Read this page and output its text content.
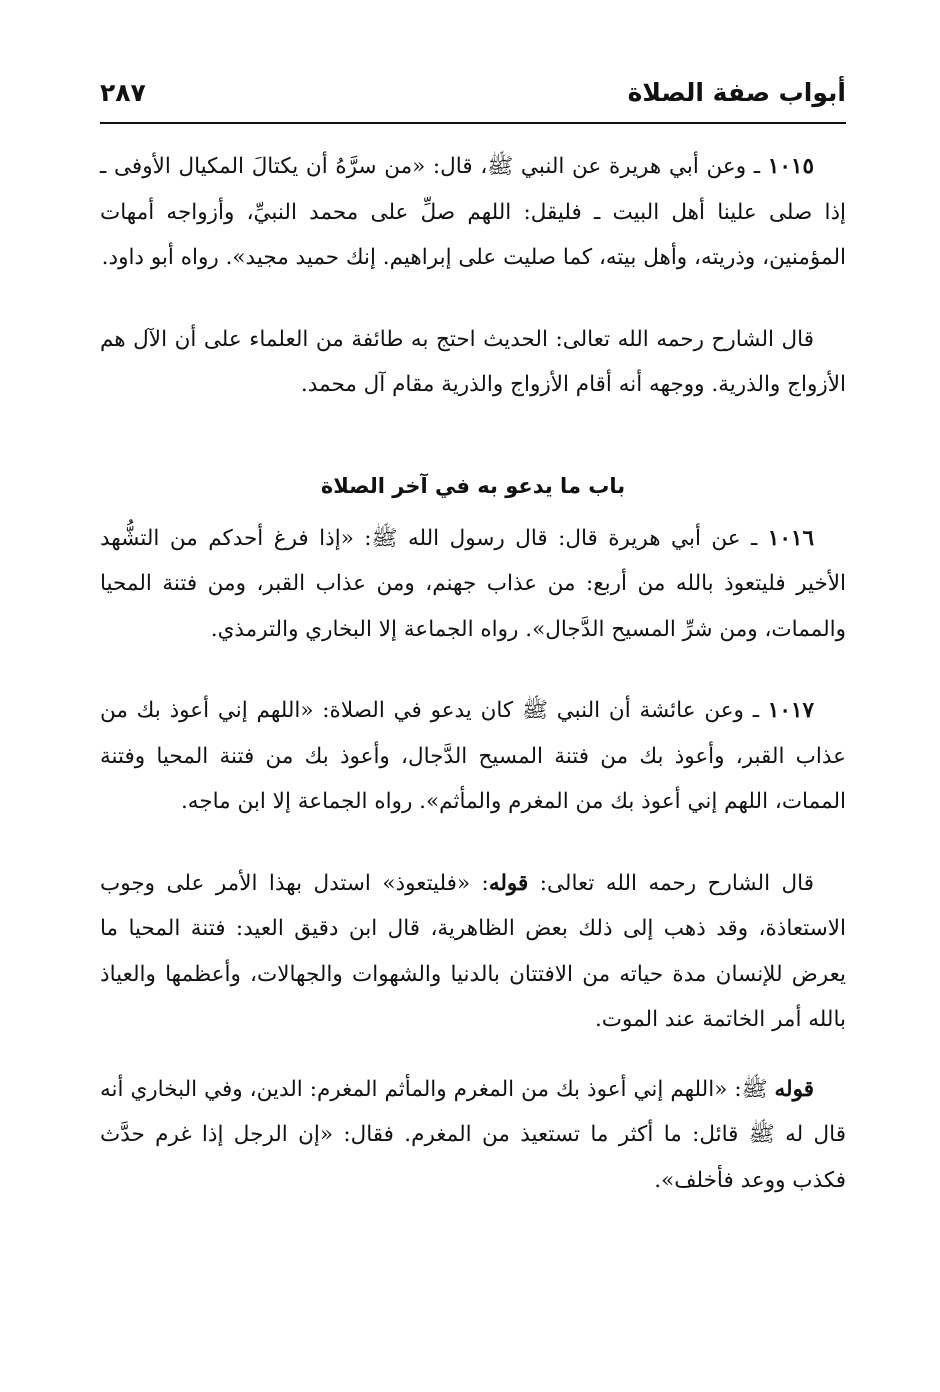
أبواب صفة الصلاة
٢٨٧

١٠١٥ ـ وعن أبي هريرة عن النبي ﷺ، قال: «من سرَّهُ أن يكتالَ المكيال الأوفى ـ إذا صلى علينا أهل البيت ـ فليقل: اللهم صلِّ على محمد النبيِّ، وأزواجه أمهات المؤمنين، وذريته، وأهل بيته، كما صليت على إبراهيم. إنك حميد مجيد». رواه أبو داود.

قال الشارح رحمه الله تعالى: الحديث احتج به طائفة من العلماء على أن الآل هم الأزواج والذرية. ووجهه أنه أقام الأزواج والذرية مقام آل محمد.

باب ما يدعو به في آخر الصلاة

١٠١٦ ـ عن أبي هريرة قال: قال رسول الله ﷺ: «إذا فرغ أحدكم من التشُّهد الأخير فليتعوذ بالله من أربع: من عذاب جهنم، ومن عذاب القبر، ومن فتنة المحيا والممات، ومن شرِّ المسيح الدَّجال». رواه الجماعة إلا البخاري والترمذي.

١٠١٧ ـ وعن عائشة أن النبي ﷺ كان يدعو في الصلاة: «اللهم إني أعوذ بك من عذاب القبر، وأعوذ بك من فتنة المسيح الدَّجال، وأعوذ بك من فتنة المحيا وفتنة الممات، اللهم إني أعوذ بك من المغرم والمأثم». رواه الجماعة إلا ابن ماجه.

قال الشارح رحمه الله تعالى: قوله: «فليتعوذ» استدل بهذا الأمر على وجوب الاستعاذة، وقد ذهب إلى ذلك بعض الظاهرية، قال ابن دقيق العيد: فتنة المحيا ما يعرض للإنسان مدة حياته من الافتتان بالدنيا والشهوات والجهالات، وأعظمها والعياذ بالله أمر الخاتمة عند الموت.

قوله ﷺ: «اللهم إني أعوذ بك من المغرم والمأثم المغرم: الدين، وفي البخاري أنه قال له ﷺ قائل: ما أكثر ما تستعيذ من المغرم. فقال: «إن الرجل إذا غرم حدَّث فكذب ووعد فأخلف».
